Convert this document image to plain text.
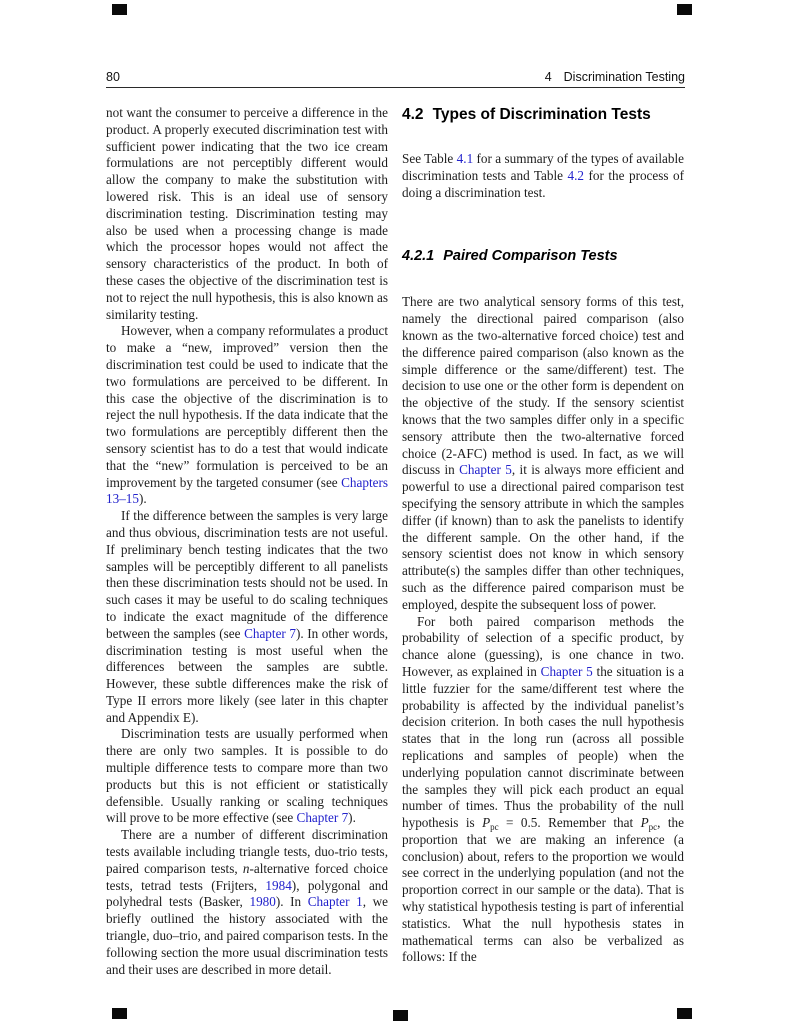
80	4 Discrimination Testing

not want the consumer to perceive a difference in the product. A properly executed discrimination test with sufficient power indicating that the two ice cream formulations are not perceptibly different would allow the company to make the substitution with lowered risk. This is an ideal use of sensory discrimination testing. Discrimination testing may also be used when a processing change is made which the processor hopes would not affect the sensory characteristics of the product. In both of these cases the objective of the discrimination test is not to reject the null hypothesis, this is also known as similarity testing.

However, when a company reformulates a product to make a “new, improved” version then the discrimination test could be used to indicate that the two formulations are perceived to be different. In this case the objective of the discrimination is to reject the null hypothesis. If the data indicate that the two formulations are perceptibly different then the sensory scientist has to do a test that would indicate that the “new” formulation is perceived to be an improvement by the targeted consumer (see Chapters 13–15).

If the difference between the samples is very large and thus obvious, discrimination tests are not useful. If preliminary bench testing indicates that the two samples will be perceptibly different to all panelists then these discrimination tests should not be used. In such cases it may be useful to do scaling techniques to indicate the exact magnitude of the difference between the samples (see Chapter 7). In other words, discrimination testing is most useful when the differences between the samples are subtle. However, these subtle differences make the risk of Type II errors more likely (see later in this chapter and Appendix E).

Discrimination tests are usually performed when there are only two samples. It is possible to do multiple difference tests to compare more than two products but this is not efficient or statistically defensible. Usually ranking or scaling techniques will prove to be more effective (see Chapter 7).

There are a number of different discrimination tests available including triangle tests, duo-trio tests, paired comparison tests, n-alternative forced choice tests, tetrad tests (Frijters, 1984), polygonal and polyhedral tests (Basker, 1980). In Chapter 1, we briefly outlined the history associated with the triangle, duo–trio, and paired comparison tests. In the following section the more usual discrimination tests and their uses are described in more detail.

4.2 Types of Discrimination Tests

See Table 4.1 for a summary of the types of available discrimination tests and Table 4.2 for the process of doing a discrimination test.

4.2.1 Paired Comparison Tests

There are two analytical sensory forms of this test, namely the directional paired comparison (also known as the two-alternative forced choice) test and the difference paired comparison (also known as the simple difference or the same/different) test. The decision to use one or the other form is dependent on the objective of the study. If the sensory scientist knows that the two samples differ only in a specific sensory attribute then the two-alternative forced choice (2-AFC) method is used. In fact, as we will discuss in Chapter 5, it is always more efficient and powerful to use a directional paired comparison test specifying the sensory attribute in which the samples differ (if known) than to ask the panelists to identify the different sample. On the other hand, if the sensory scientist does not know in which sensory attribute(s) the samples differ than other techniques, such as the difference paired comparison must be employed, despite the subsequent loss of power.

For both paired comparison methods the probability of selection of a specific product, by chance alone (guessing), is one chance in two. However, as explained in Chapter 5 the situation is a little fuzzier for the same/different test where the probability is affected by the individual panelist’s decision criterion. In both cases the null hypothesis states that in the long run (across all possible replications and samples of people) when the underlying population cannot discriminate between the samples they will pick each product an equal number of times. Thus the probability of the null hypothesis is $P_{pc} = 0.5$. Remember that $P_{pc}$, the proportion that we are making an inference (a conclusion) about, refers to the proportion we would see correct in the underlying population (and not the proportion correct in our sample or the data). That is why statistical hypothesis testing is part of inferential statistics. What the null hypothesis states in mathematical terms can also be verbalized as follows: If the
